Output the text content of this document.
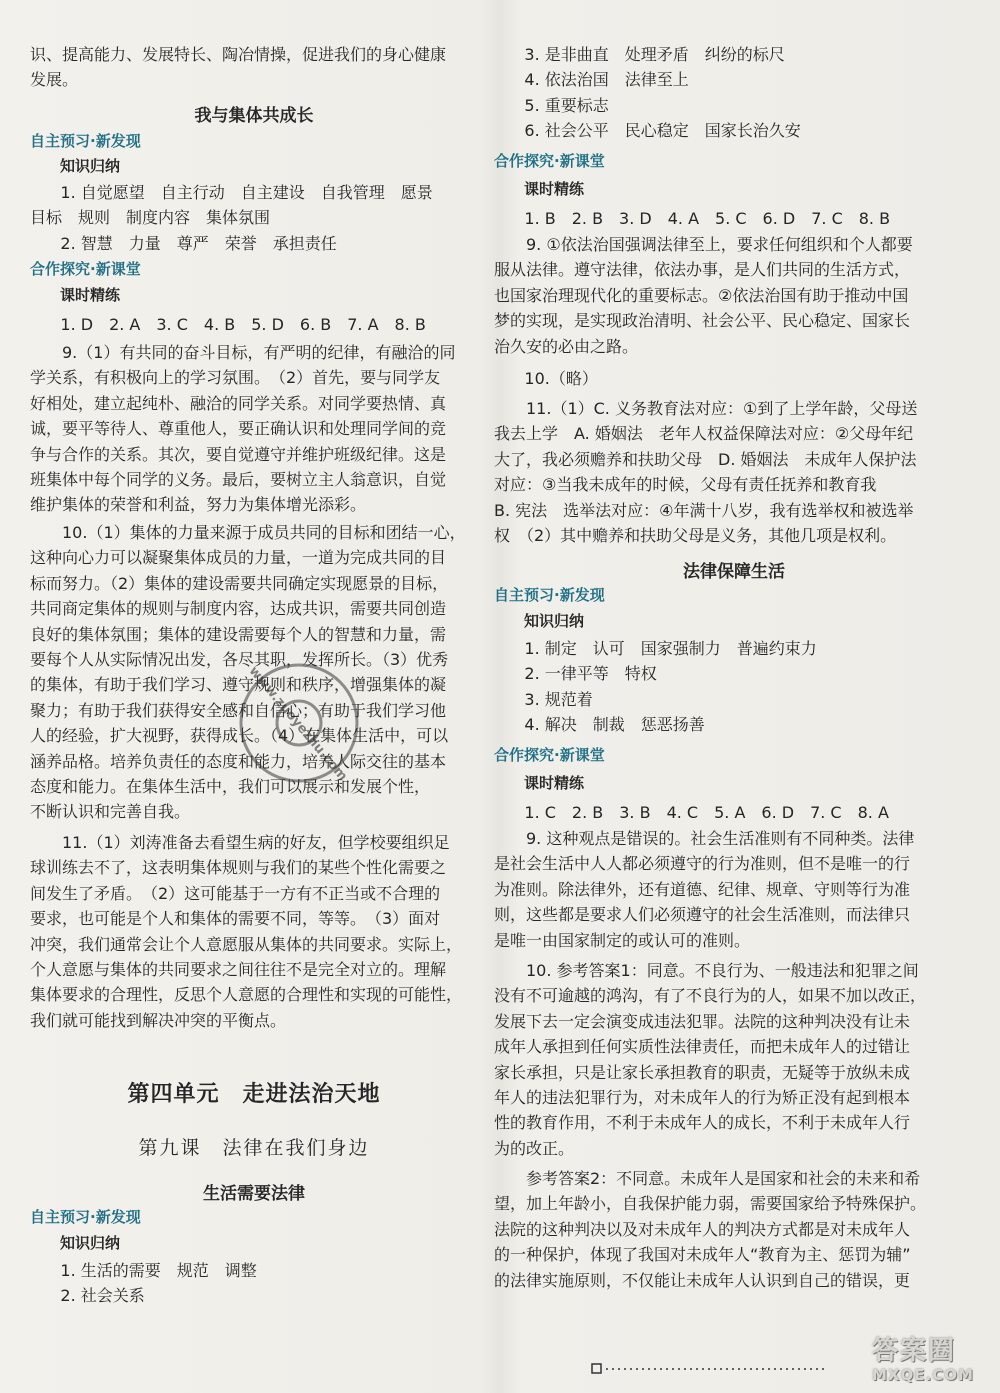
识、提高能力、发展特长、陶冶情操，促进我们的身心健康

发展。

我与集体共成长
自主预习·新发现
知识归纳

1. 自觉愿望　自主行动　自主建设　自我管理　愿景

目标　规则　制度内容　集体氛围

2. 智慧　力量　尊严　荣誉　承担责任

合作探究·新课堂
课时精练
1. D　2. A　3. C　4. B　5. D　6. B　7. A　8. B

9.（1）有共同的奋斗目标，有严明的纪律，有融洽的同

学关系，有积极向上的学习氛围。　（2）首先，要与同学友

好相处，建立起纯朴、融洽的同学关系。对同学要热情、真

诚，要平等待人、尊重他人，要正确认识和处理同学间的竞

争与合作的关系。其次，要自觉遵守并维护班级纪律。这是

班集体中每个同学的义务。最后，要树立主人翁意识，自觉

维护集体的荣誉和利益，努力为集体增光添彩。

10.（1）集体的力量来源于成员共同的目标和团结一心，

这种向心力可以凝聚集体成员的力量，一道为完成共同的目

标而努力。（2）集体的建设需要共同确定实现愿景的目标，

共同商定集体的规则与制度内容，达成共识，需要共同创造

良好的集体氛围；集体的建设需要每个人的智慧和力量，需

要每个人从实际情况出发，各尽其职，发挥所长。（3）优秀

的集体，有助于我们学习、遵守规则和秩序，增强集体的凝

聚力；有助于我们获得安全感和自信心；有助于我们学习他

人的经验，扩大视野，获得成长。（4）在集体生活中，可以

涵养品格。培养负责任的态度和能力，培养人际交往的基本

态度和能力。在集体生活中，我们可以展示和发展个性，

不断认识和完善自我。

11.（1）刘涛准备去看望生病的好友，但学校要组织足

球训练去不了，这表明集体规则与我们的某些个性化需要之

间发生了矛盾。　（2）这可能基于一方有不正当或不合理的

要求，也可能是个人和集体的需要不同，等等。　（3）面对

冲突，我们通常会让个人意愿服从集体的共同要求。实际上，

个人意愿与集体的共同要求之间往往不是完全对立的。理解

集体要求的合理性，反思个人意愿的合理性和实现的可能性，

我们就可能找到解决冲突的平衡点。

第四单元　走进法治天地
第九课　法律在我们身边
生活需要法律
自主预习·新发现
知识归纳

1. 生活的需要　规范　调整

2. 社会关系

www.zuoyezhu.com

3. 是非曲直　处理矛盾　纠纷的标尺

4. 依法治国　法律至上

5. 重要标志

6. 社会公平　民心稳定　国家长治久安

合作探究·新课堂
课时精练
1. B　2. B　3. D　4. A　5. C　6. D　7. C　8. B

9. ①依法治国强调法律至上，要求任何组织和个人都要

服从法律。遵守法律，依法办事，是人们共同的生活方式，

也国家治理现代化的重要标志。②依法治国有助于推动中国

梦的实现，是实现政治清明、社会公平、民心稳定、国家长

治久安的必由之路。

10.（略）

11.（1）C. 义务教育法对应：①到了上学年龄，父母送

我去上学　A. 婚姻法　老年人权益保障法对应：②父母年纪

大了，我必须赡养和扶助父母　D. 婚姻法　未成年人保护法

对应：③当我未成年的时候，父母有责任抚养和教育我

B. 宪法　选举法对应：④年满十八岁，我有选举权和被选举

权　（2）其中赡养和扶助父母是义务，其他几项是权利。

法律保障生活
自主预习·新发现
知识归纳

1. 制定　认可　国家强制力　普遍约束力

2. 一律平等　特权

3. 规范着

4. 解决　制裁　惩恶扬善

合作探究·新课堂
课时精练
1. C　2. B　3. B　4. C　5. A　6. D　7. C　8. A

9. 这种观点是错误的。社会生活准则有不同种类。法律

是社会生活中人人都必须遵守的行为准则，但不是唯一的行

为准则。除法律外，还有道德、纪律、规章、守则等行为准

则，这些都是要求人们必须遵守的社会生活准则，而法律只

是唯一由国家制定的或认可的准则。

10. 参考答案1：同意。不良行为、一般违法和犯罪之间

没有不可逾越的鸿沟，有了不良行为的人，如果不加以改正，

发展下去一定会演变成违法犯罪。法院的这种判决没有让未

成年人承担到任何实质性法律责任，而把未成年人的过错让

家长承担，只是让家长承担教育的职责，无疑等于放纵未成

年人的违法犯罪行为，对未成年人的行为矫正没有起到根本

性的教育作用，不利于未成年人的成长，不利于未成年人行

为的改正。

参考答案2：不同意。未成年人是国家和社会的未来和希

望，加上年龄小，自我保护能力弱，需要国家给予特殊保护。

法院的这种判决以及对未成年人的判决方式都是对未成年人

的一种保护，体现了我国对未成年人“教育为主、惩罚为辅”

的法律实施原则，不仅能让未成年人认识到自己的错误，更

答案圈
MXQE.COM
